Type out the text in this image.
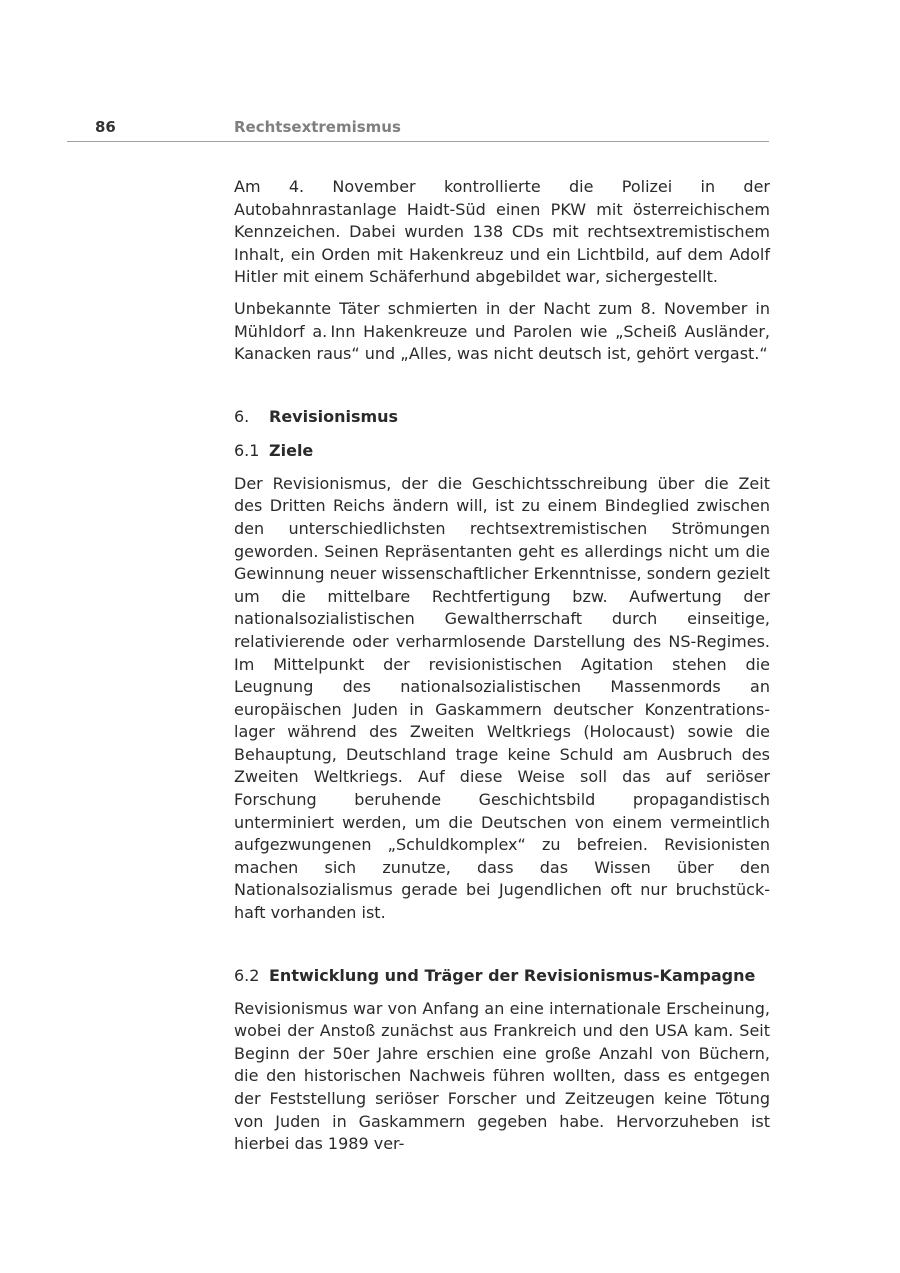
86	Rechtsextremismus

Am 4. November kontrollierte die Polizei in der Autobahnrastanlage Haidt-Süd einen PKW mit österreichischem Kennzeichen. Dabei wurden 138 CDs mit rechtsextremistischem Inhalt, ein Orden mit Hakenkreuz und ein Lichtbild, auf dem Adolf Hitler mit einem Schäferhund abgebildet war, sichergestellt.

Unbekannte Täter schmierten in der Nacht zum 8. November in Mühldorf a. Inn Hakenkreuze und Parolen wie „Scheiß Ausländer, Kanacken raus“ und „Alles, was nicht deutsch ist, gehört vergast.“

6.	Revisionismus
6.1 Ziele

Der Revisionismus, der die Geschichtsschreibung über die Zeit des Dritten Reichs ändern will, ist zu einem Bindeglied zwischen den unterschiedlichsten rechtsextremistischen Strömungen geworden. Seinen Repräsentanten geht es allerdings nicht um die Gewinnung neuer wissenschaftlicher Erkenntnisse, sondern gezielt um die mittelbare Rechtfertigung bzw. Aufwertung der nationalsozialistischen Gewaltherrschaft durch einseitige, relativierende oder verharmlosende Darstellung des NS-Regimes. Im Mittelpunkt der revisionistischen Agitation stehen die Leugnung des nationalsozialistischen Massenmords an europäischen Juden in Gaskammern deutscher Konzentrationslager während des Zweiten Weltkriegs (Holocaust) sowie die Behauptung, Deutschland trage keine Schuld am Ausbruch des Zweiten Weltkriegs. Auf diese Weise soll das auf seriöser Forschung beruhende Geschichtsbild propagandistisch unterminiert werden, um die Deutschen von einem vermeintlich aufgezwungenen „Schuldkomplex“ zu befreien. Revisionisten machen sich zunutze, dass das Wissen über den Nationalsozialismus gerade bei Jugendlichen oft nur bruchstückhaft vorhanden ist.

6.2 Entwicklung und Träger der Revisionismus-Kampagne

Revisionismus war von Anfang an eine internationale Erscheinung, wobei der Anstoß zunächst aus Frankreich und den USA kam. Seit Beginn der 50er Jahre erschien eine große Anzahl von Büchern, die den historischen Nachweis führen wollten, dass es entgegen der Feststellung seriöser Forscher und Zeitzeugen keine Tötung von Juden in Gaskammern gegeben habe. Hervorzuheben ist hierbei das 1989 ver-
